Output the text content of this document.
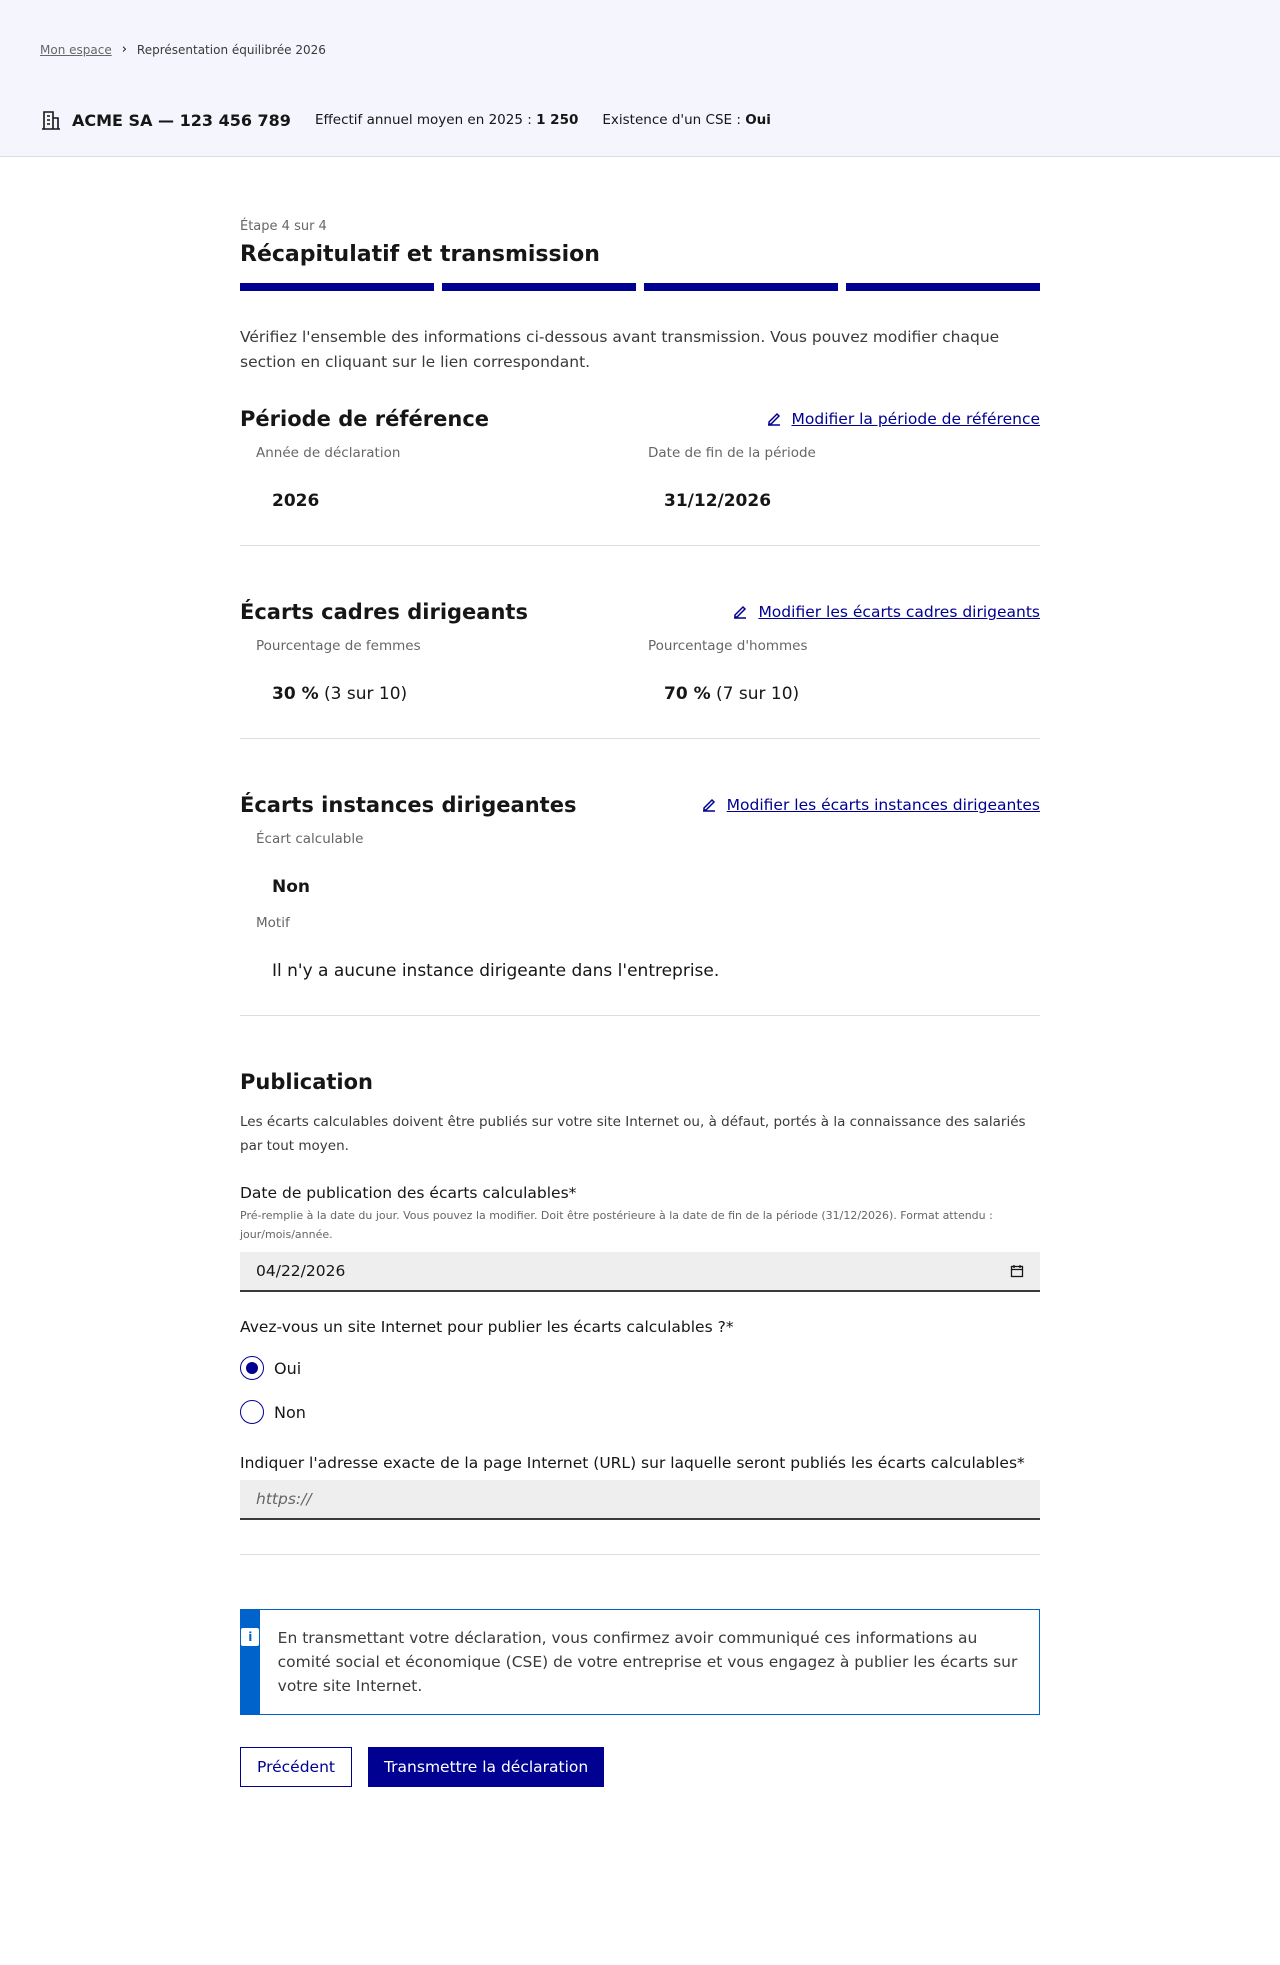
Mon espace › Représentation équilibrée 2026
ACME SA — 123 456 789 Effectif annuel moyen en 2025 : 1 250 Existence d'un CSE : Oui
Étape 4 sur 4
Récapitulatif et transmission

Vérifiez l'ensemble des informations ci-dessous avant transmission. Vous pouvez modifier chaque section en cliquant sur le lien correspondant.

Période de référence	Modifier la période de référence
Année de déclaration
2026
Date de fin de la période
31/12/2026
Écarts cadres dirigeants	Modifier les écarts cadres dirigeants
Pourcentage de femmes
30 % (3 sur 10)
Pourcentage d'hommes
70 % (7 sur 10)
Écarts instances dirigeantes	Modifier les écarts instances dirigeantes
Écart calculable
Non
Motif
Il n'y a aucune instance dirigeante dans l'entreprise.
Publication

Les écarts calculables doivent être publiés sur votre site Internet ou, à défaut, portés à la connaissance des salariés par tout moyen.

Date de publication des écarts calculables*
Pré-remplie à la date du jour. Vous pouvez la modifier. Doit être postérieure à la date de fin de la période (31/12/2026). Format attendu : jour/mois/année.
04/22/2026
Avez-vous un site Internet pour publier les écarts calculables ?*
Oui
Non
Indiquer l'adresse exacte de la page Internet (URL) sur laquelle seront publiés les écarts calculables*
https://
i	En transmettant votre déclaration, vous confirmez avoir communiqué ces informations au comité social et économique (CSE) de votre entreprise et vous engagez à publier les écarts sur votre site Internet.
Précédent	Transmettre la déclaration
